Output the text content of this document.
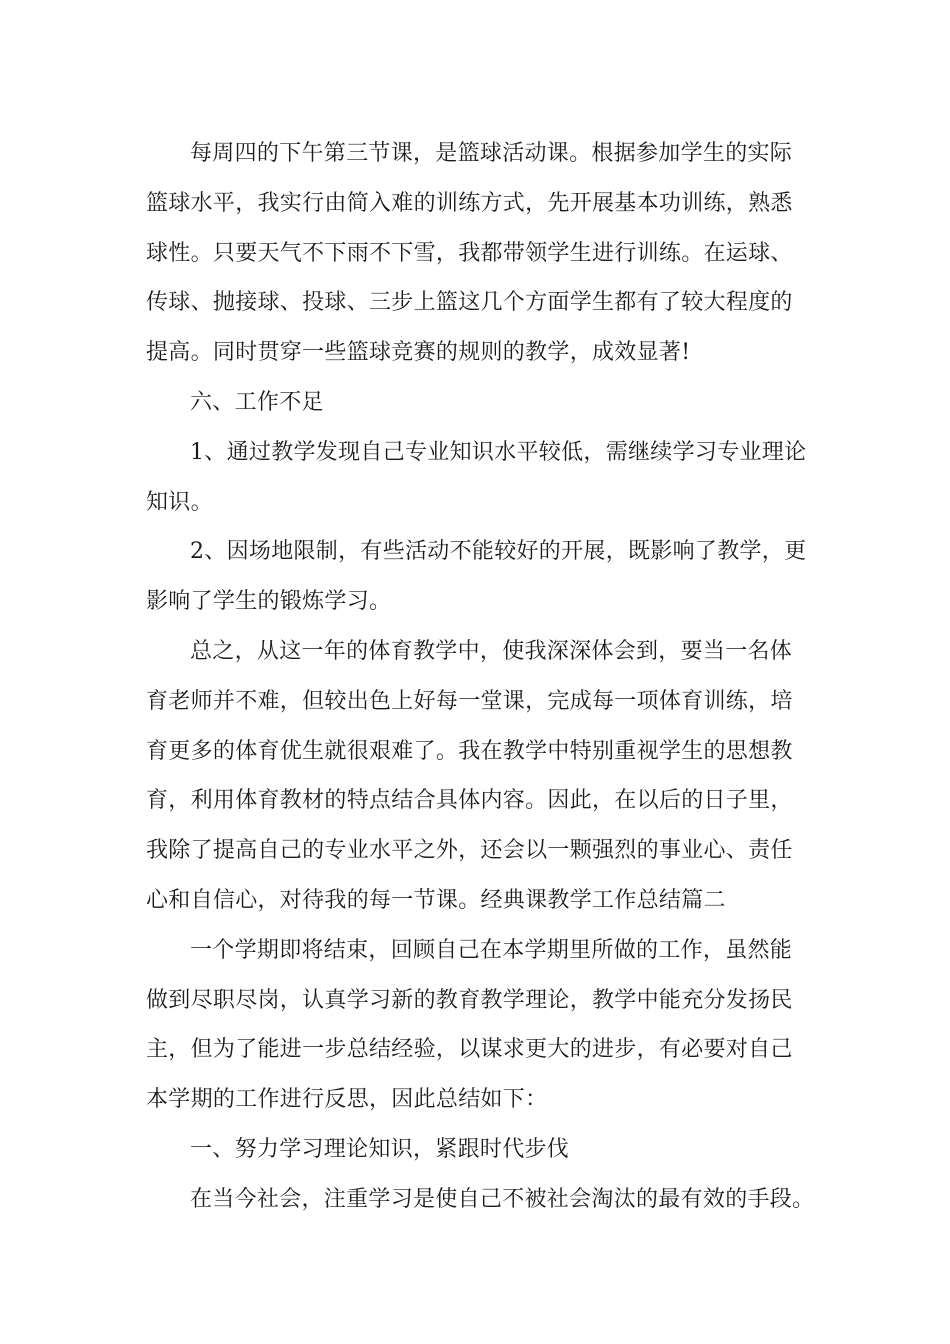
每周四的下午第三节课，是篮球活动课。根据参加学生的实际
篮球水平，我实行由简入难的训练方式，先开展基本功训练，熟悉
球性。只要天气不下雨不下雪，我都带领学生进行训练。在运球、
传球、抛接球、投球、三步上篮这几个方面学生都有了较大程度的
提高。同时贯穿一些篮球竞赛的规则的教学，成效显著!
六、工作不足
1、通过教学发现自己专业知识水平较低，需继续学习专业理论
知识。
2、因场地限制，有些活动不能较好的开展，既影响了教学，更
影响了学生的锻炼学习。
总之，从这一年的体育教学中，使我深深体会到，要当一名体
育老师并不难，但较出色上好每一堂课，完成每一项体育训练，培
育更多的体育优生就很艰难了。我在教学中特别重视学生的思想教
育，利用体育教材的特点结合具体内容。因此，在以后的日子里，
我除了提高自己的专业水平之外，还会以一颗强烈的事业心、责任
心和自信心，对待我的每一节课。经典课教学工作总结篇二
一个学期即将结束，回顾自己在本学期里所做的工作，虽然能
做到尽职尽岗，认真学习新的教育教学理论，教学中能充分发扬民
主，但为了能进一步总结经验，以谋求更大的进步，有必要对自己
本学期的工作进行反思，因此总结如下：
一、努力学习理论知识，紧跟时代步伐
在当今社会，注重学习是使自己不被社会淘汰的最有效的手段。
